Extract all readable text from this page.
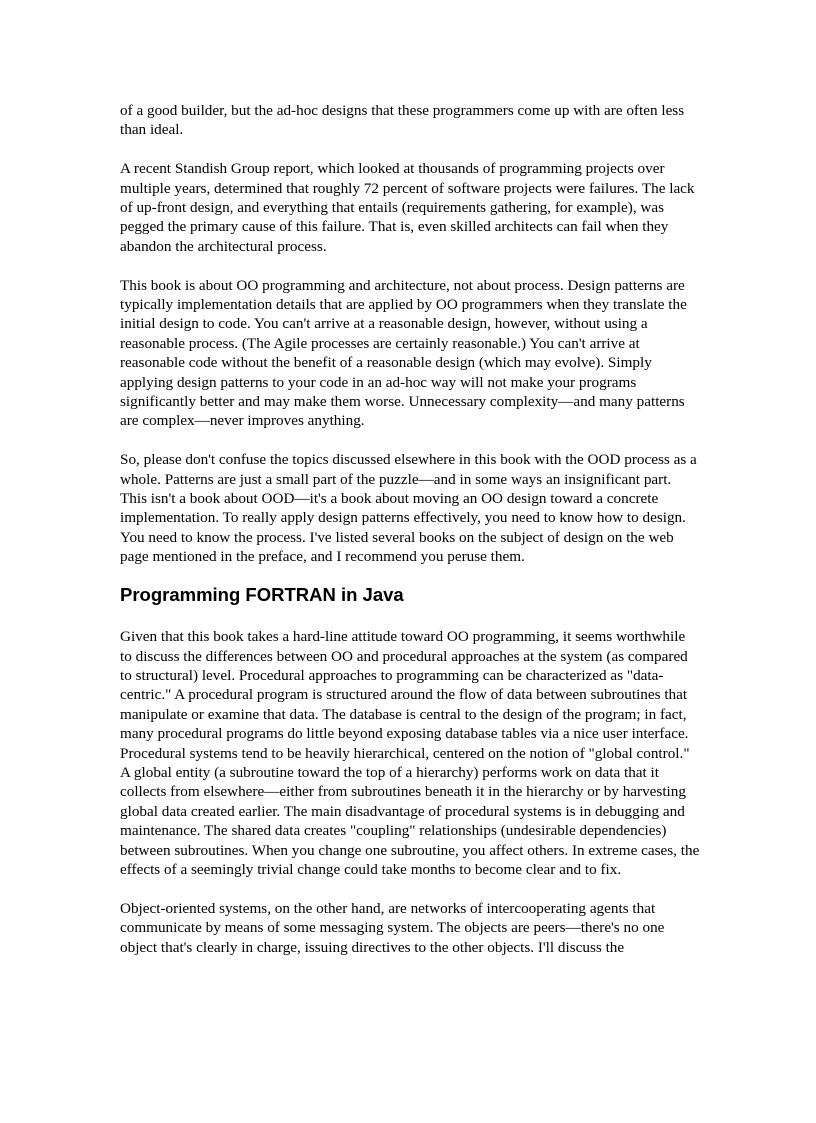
of a good builder, but the ad-hoc designs that these programmers come up with are often less than ideal.

A recent Standish Group report, which looked at thousands of programming projects over multiple years, determined that roughly 72 percent of software projects were failures. The lack of up-front design, and everything that entails (requirements gathering, for example), was pegged the primary cause of this failure. That is, even skilled architects can fail when they abandon the architectural process.

This book is about OO programming and architecture, not about process. Design patterns are typically implementation details that are applied by OO programmers when they translate the initial design to code. You can't arrive at a reasonable design, however, without using a reasonable process. (The Agile processes are certainly reasonable.) You can't arrive at reasonable code without the benefit of a reasonable design (which may evolve). Simply applying design patterns to your code in an ad-hoc way will not make your programs significantly better and may make them worse. Unnecessary complexity—and many patterns are complex—never improves anything.

So, please don't confuse the topics discussed elsewhere in this book with the OOD process as a whole. Patterns are just a small part of the puzzle—and in some ways an insignificant part. This isn't a book about OOD—it's a book about moving an OO design toward a concrete implementation. To really apply design patterns effectively, you need to know how to design. You need to know the process. I've listed several books on the subject of design on the web page mentioned in the preface, and I recommend you peruse them.

Programming FORTRAN in Java

Given that this book takes a hard-line attitude toward OO programming, it seems worthwhile to discuss the differences between OO and procedural approaches at the system (as compared to structural) level. Procedural approaches to programming can be characterized as "data-centric." A procedural program is structured around the flow of data between subroutines that manipulate or examine that data. The database is central to the design of the program; in fact, many procedural programs do little beyond exposing database tables via a nice user interface. Procedural systems tend to be heavily hierarchical, centered on the notion of "global control." A global entity (a subroutine toward the top of a hierarchy) performs work on data that it collects from elsewhere—either from subroutines beneath it in the hierarchy or by harvesting global data created earlier. The main disadvantage of procedural systems is in debugging and maintenance. The shared data creates "coupling" relationships (undesirable dependencies) between subroutines. When you change one subroutine, you affect others. In extreme cases, the effects of a seemingly trivial change could take months to become clear and to fix.

Object-oriented systems, on the other hand, are networks of intercooperating agents that communicate by means of some messaging system. The objects are peers—there's no one object that's clearly in charge, issuing directives to the other objects. I'll discuss the
